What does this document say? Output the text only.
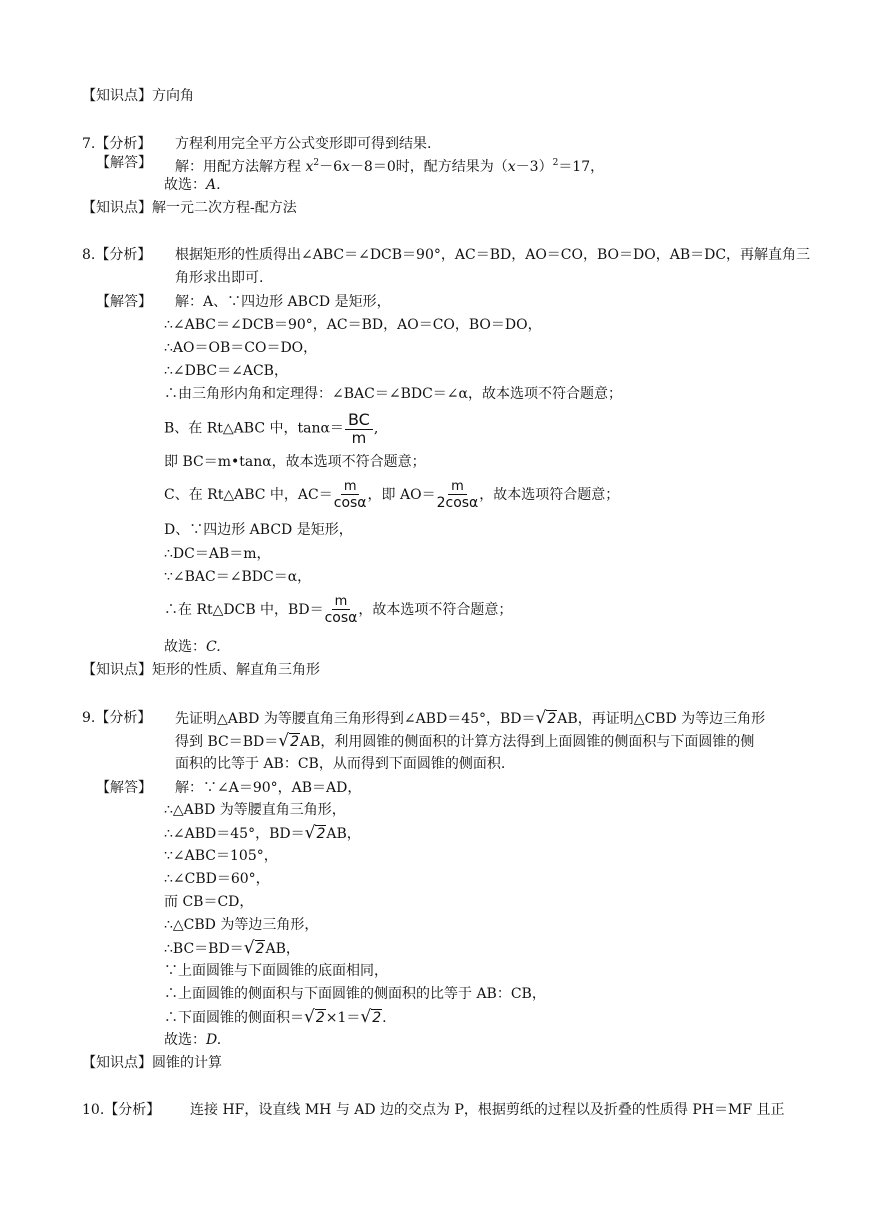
【知识点】方向角
7.【分析】 方程利用完全平方公式变形即可得到结果.
【解答】 解：用配方法解方程 $x^2-6x-8=0$时，配方结果为$(x-3)^2=17$，
故选：A.
【知识点】解一元二次方程-配方法
8.【分析】 根据矩形的性质得出∠ABC＝∠DCB＝90°，AC＝BD，AO＝CO，BO＝DO，AB＝DC，再解直角三
角形求出即可.
【解答】 解：A、∵四边形 ABCD 是矩形，
∴∠ABC＝∠DCB＝90°，AC＝BD，AO＝CO，BO＝DO，
∴AO＝OB＝CO＝DO，
∴∠DBC＝∠ACB，
∴由三角形内角和定理得：∠BAC＝∠BDC＝∠α，故本选项不符合题意；
B、在 Rt△ABC 中，$\tan\alpha= \frac{BC}{m}$ ,
即 BC＝m•tanα，故本选项不符合题意；
C、在 Rt△ABC 中，$AC= \frac{m}{\cos\alpha}$ ，即 $AO= \frac{m}{2\cos\alpha}$ ，故本选项符合题意；
D、∵四边形 ABCD 是矩形，
∴DC＝AB＝m，
∵∠BAC＝∠BDC＝α，
∴在 Rt△DCB 中，$BD= \frac{m}{\cos\alpha}$ ，故本选项不符合题意；
故选：C.
【知识点】矩形的性质、解直角三角形
9.【分析】 先证明△ABD 为等腰直角三角形得到∠ABD＝45°，BD＝√2AB，再证明△CBD 为等边三角形
得到 BC＝BD＝√2AB，利用圆锥的侧面积的计算方法得到上面圆锥的侧面积与下面圆锥的侧
面积的比等于 AB：CB，从而得到下面圆锥的侧面积.
【解答】 解：∵∠A＝90°，AB＝AD，
∴△ABD 为等腰直角三角形，
∴∠ABD＝45°，BD＝√2AB，
∵∠ABC＝105°，
∴∠CBD＝60°，
而 CB＝CD，
∴△CBD 为等边三角形，
∴BC＝BD＝√2AB，
∵上面圆锥与下面圆锥的底面相同，
∴上面圆锥的侧面积与下面圆锥的侧面积的比等于 AB：CB，
∴下面圆锥的侧面积＝√2×1＝√2.
故选：D.
【知识点】圆锥的计算
10.【分析】 连接 HF，设直线 MH 与 AD 边的交点为 P，根据剪纸的过程以及折叠的性质得 PH＝MF 且正
